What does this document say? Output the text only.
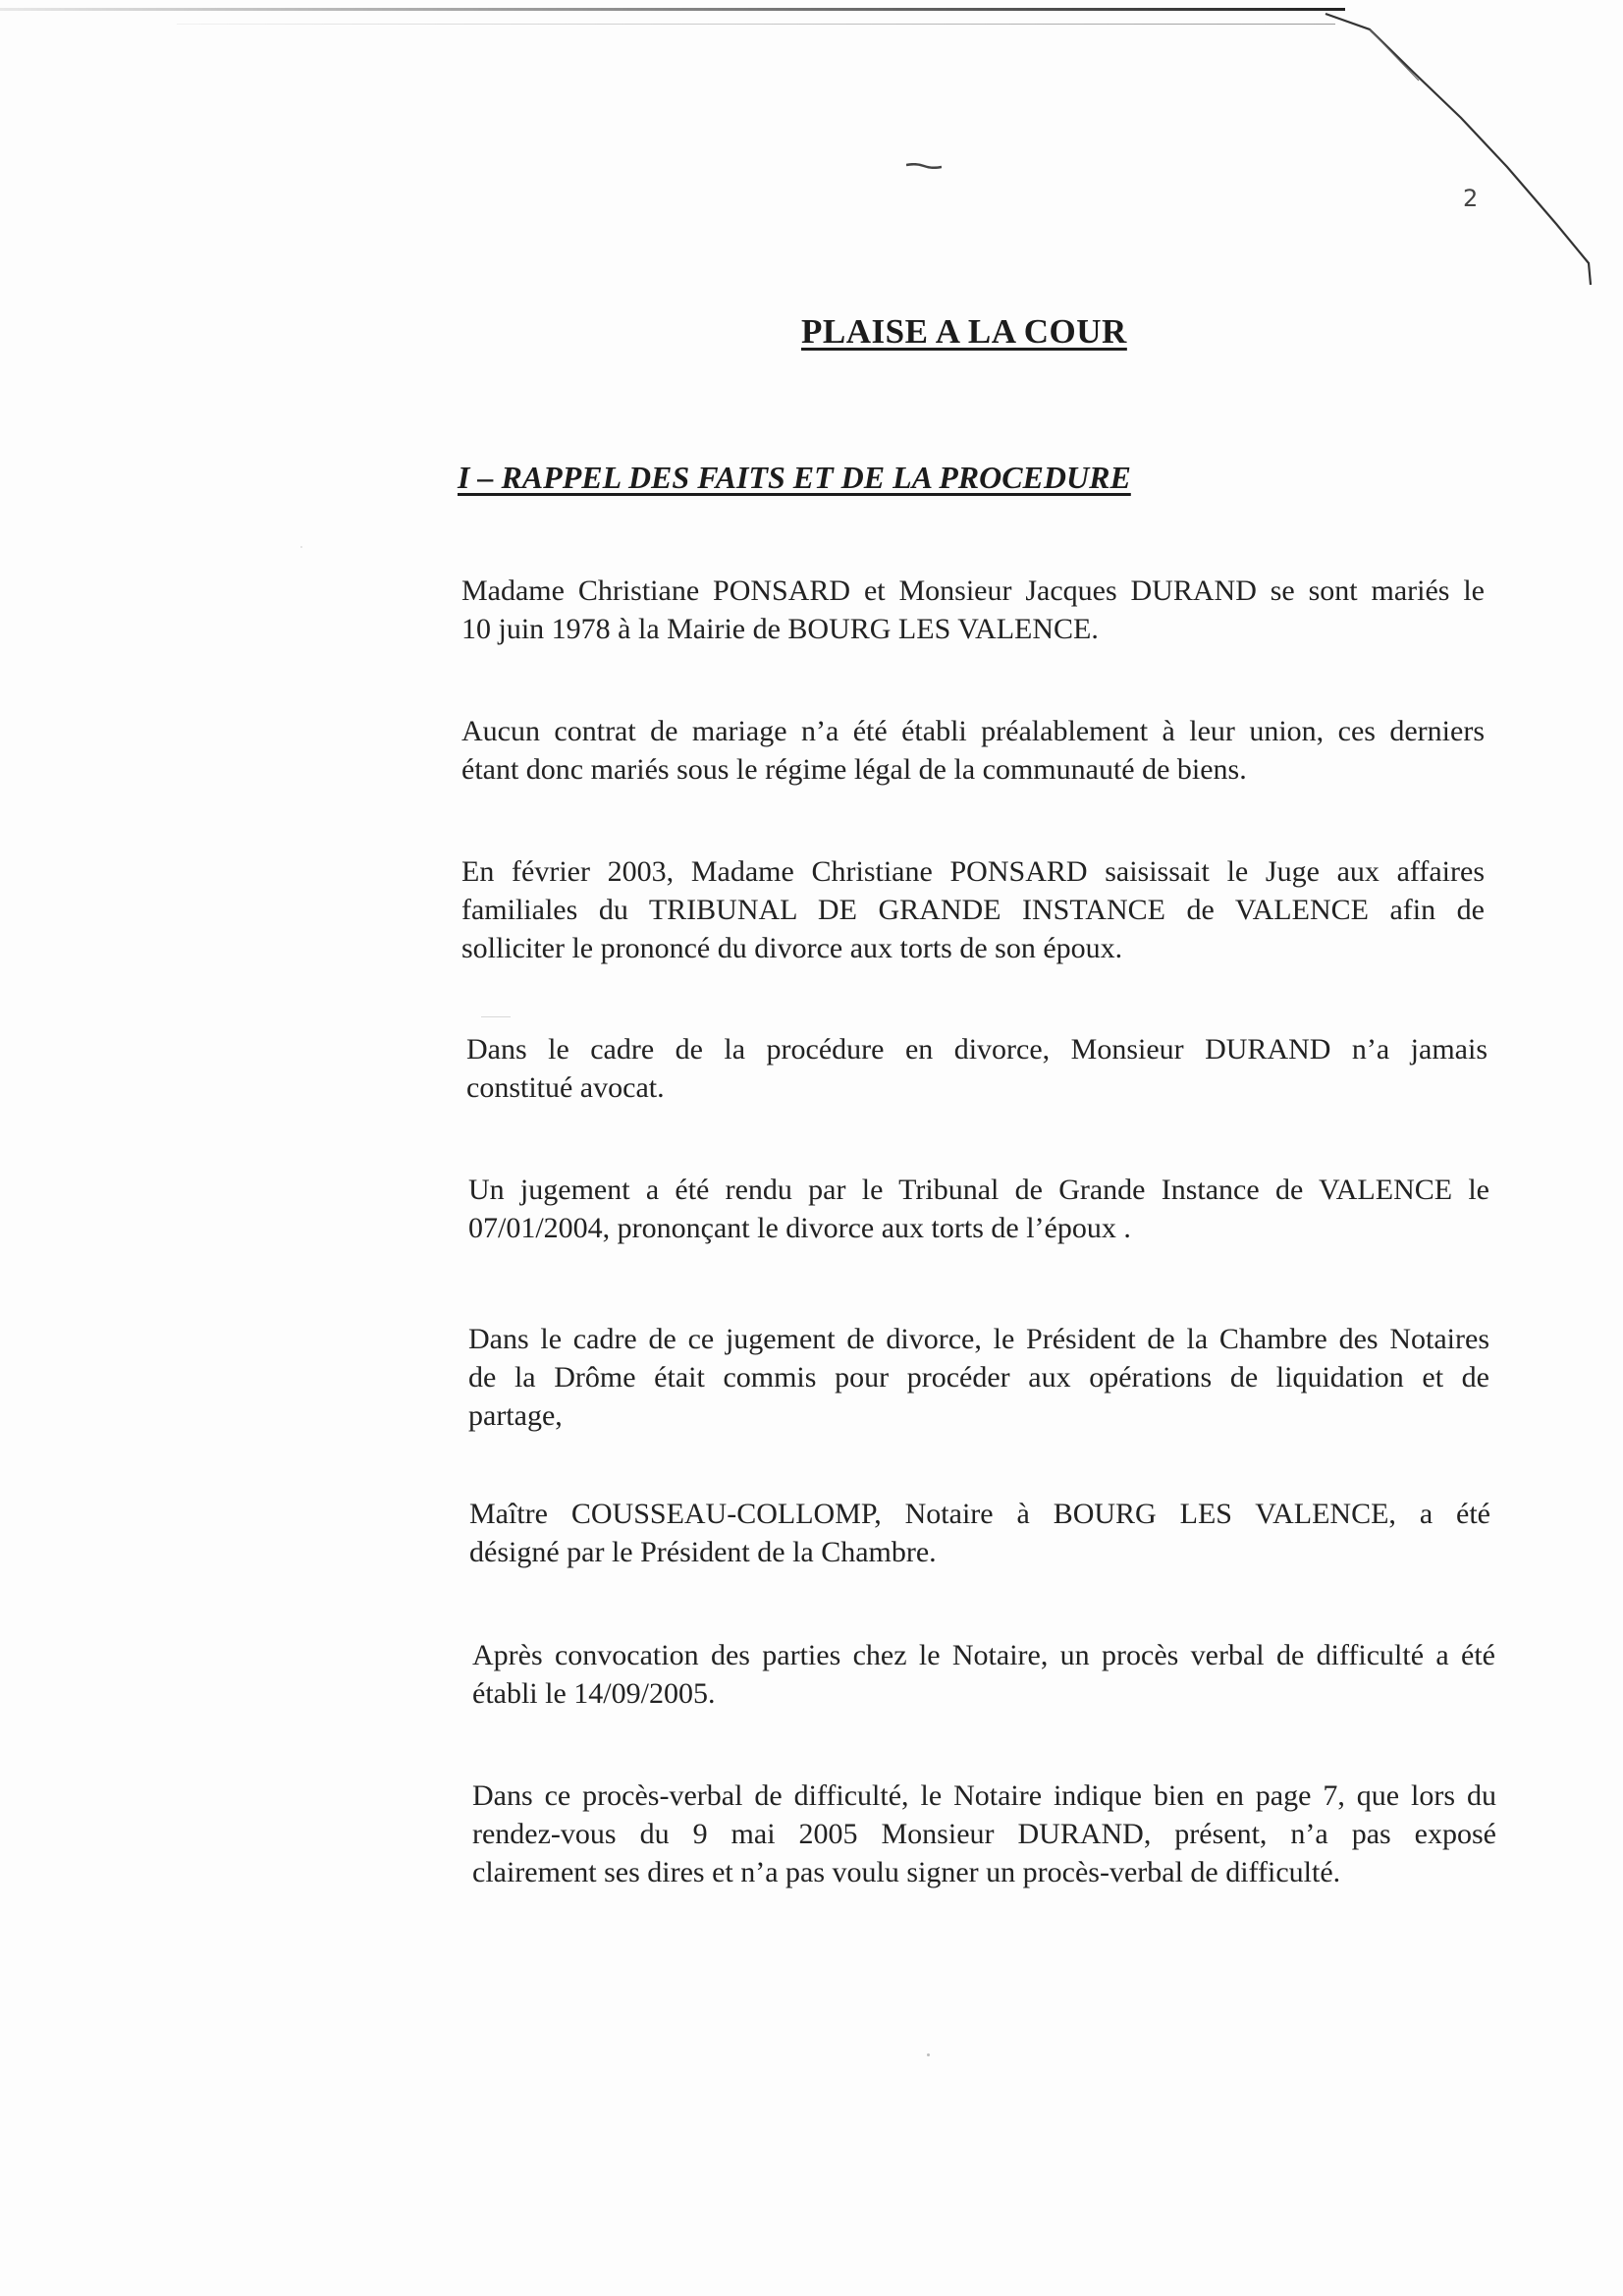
2
PLAISE A LA COUR
I – RAPPEL DES FAITS ET DE LA PROCEDURE
Madame Christiane PONSARD et Monsieur Jacques DURAND se sont mariés le
10 juin 1978 à la Mairie de BOURG LES VALENCE.
Aucun contrat de mariage n’a été établi préalablement à leur union, ces derniers
étant donc mariés sous le régime légal de la communauté de biens.
En février 2003, Madame Christiane PONSARD saisissait le Juge aux affaires
familiales du TRIBUNAL DE GRANDE INSTANCE de VALENCE afin de
solliciter le prononcé du divorce aux torts de son époux.
Dans le cadre de la procédure en divorce, Monsieur DURAND n’a jamais
constitué avocat.
Un jugement a été rendu par le Tribunal de Grande Instance de VALENCE le
07/01/2004, prononçant le divorce aux torts de l’époux .
Dans le cadre de ce jugement de divorce, le Président de la Chambre des Notaires
de la Drôme était commis pour procéder aux opérations de liquidation et de
partage,
Maître COUSSEAU-COLLOMP, Notaire à BOURG LES VALENCE, a été
désigné par le Président de la Chambre.
Après convocation des parties chez le Notaire, un procès verbal de difficulté a été
établi le 14/09/2005.
Dans ce procès-verbal de difficulté, le Notaire indique bien en page 7, que lors du
rendez-vous du 9 mai 2005 Monsieur DURAND, présent, n’a pas exposé
clairement ses dires et n’a pas voulu signer un procès-verbal de difficulté.
